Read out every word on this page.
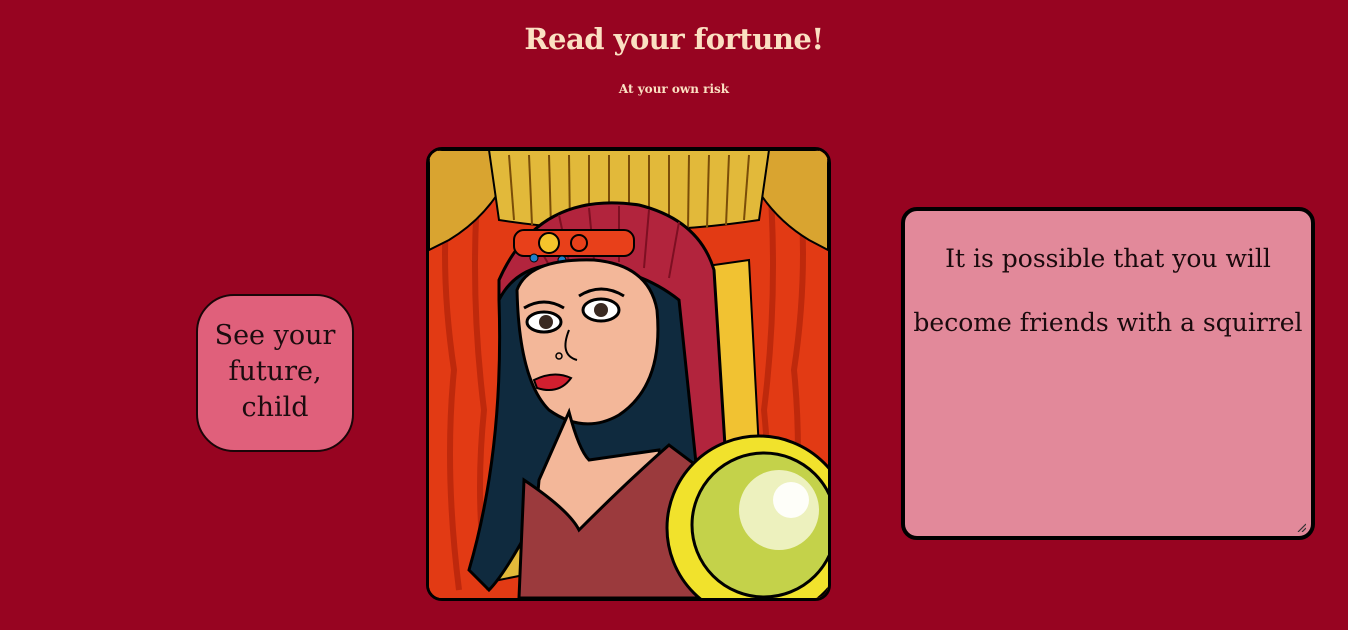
Read your fortune!

At your own risk

See your future, child
It is possible that you will become friends with a squirrel
